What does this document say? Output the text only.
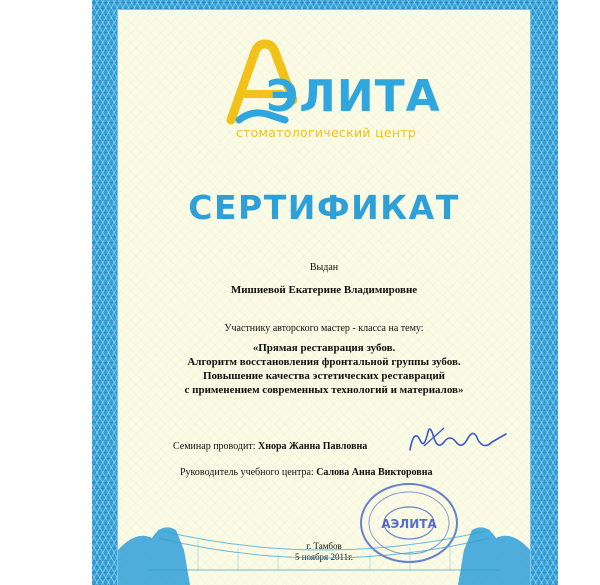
ЭЛИТА
стоматологический центр
СЕРТИФИКАТ
Выдан
Мишиевой Екатерине Владимировне
Участнику авторского мастер - класса на тему:
«Прямая реставрация зубов.
Алгоритм восстановления фронтальной группы зубов.
Повышение качества эстетических реставраций
с применением современных технологий и материалов»
Семинар проводит: Хнора Жанна Павловна
Руководитель учебного центра: Салова Анна Викторовна
АЭЛИТА
г. Тамбов
5 ноября 2011г.
